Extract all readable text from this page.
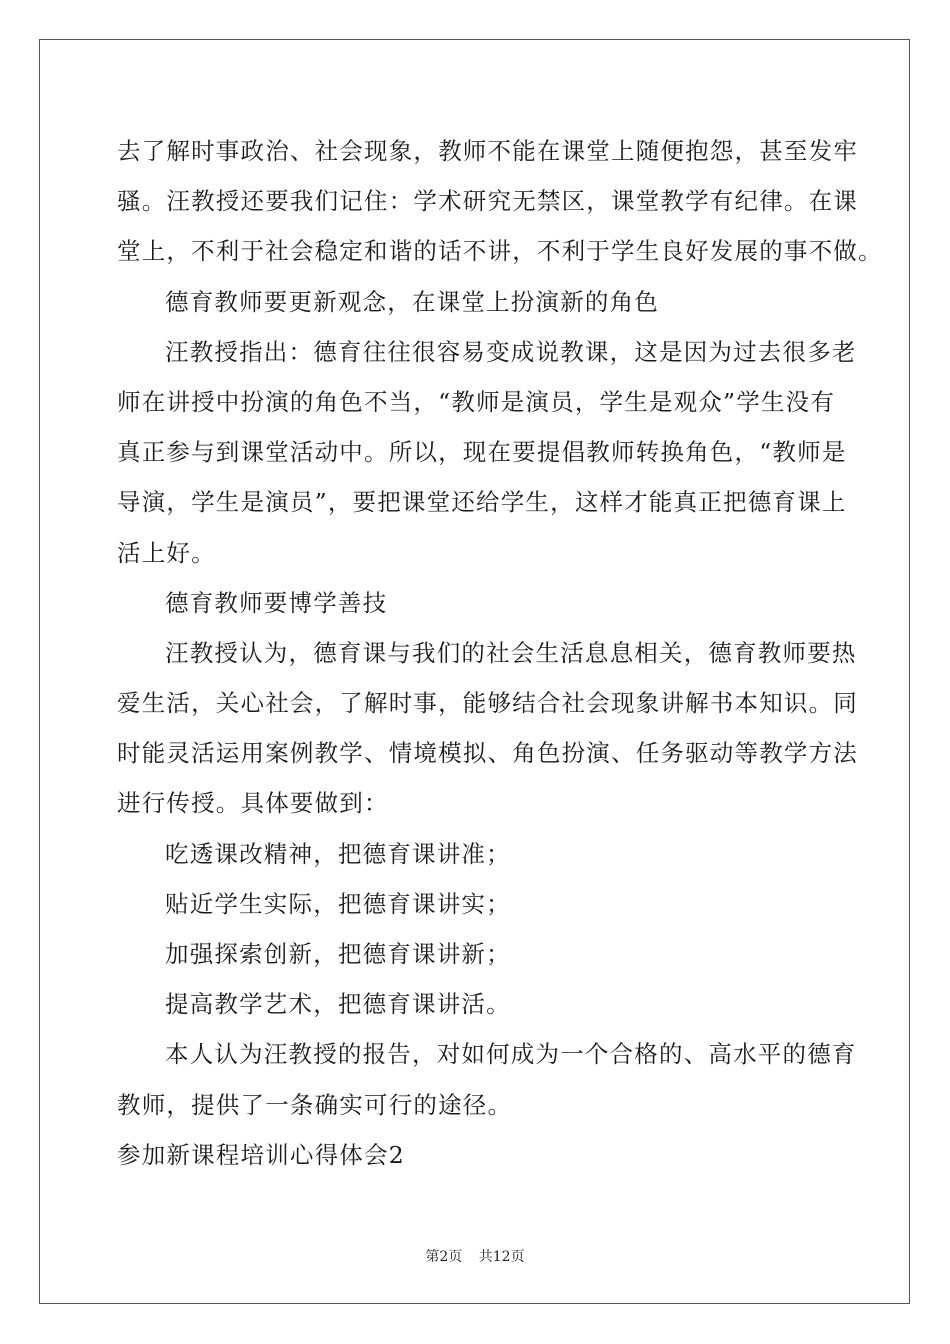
去了解时事政治、社会现象，教师不能在课堂上随便抱怨，甚至发牢
骚。汪教授还要我们记住：学术研究无禁区，课堂教学有纪律。在课
堂上，不利于社会稳定和谐的话不讲，不利于学生良好发展的事不做。
德育教师要更新观念，在课堂上扮演新的角色
汪教授指出：德育往往很容易变成说教课，这是因为过去很多老
师在讲授中扮演的角色不当，“教师是演员，学生是观众”学生没有
真正参与到课堂活动中。所以，现在要提倡教师转换角色，“教师是
导演，学生是演员”，要把课堂还给学生，这样才能真正把德育课上
活上好。
德育教师要博学善技
汪教授认为，德育课与我们的社会生活息息相关，德育教师要热
爱生活，关心社会，了解时事，能够结合社会现象讲解书本知识。同
时能灵活运用案例教学、情境模拟、角色扮演、任务驱动等教学方法
进行传授。具体要做到：
吃透课改精神，把德育课讲准；
贴近学生实际，把德育课讲实；
加强探索创新，把德育课讲新；
提高教学艺术，把德育课讲活。
本人认为汪教授的报告，对如何成为一个合格的、高水平的德育
教师，提供了一条确实可行的途径。
参加新课程培训心得体会2
第2页 共12页
